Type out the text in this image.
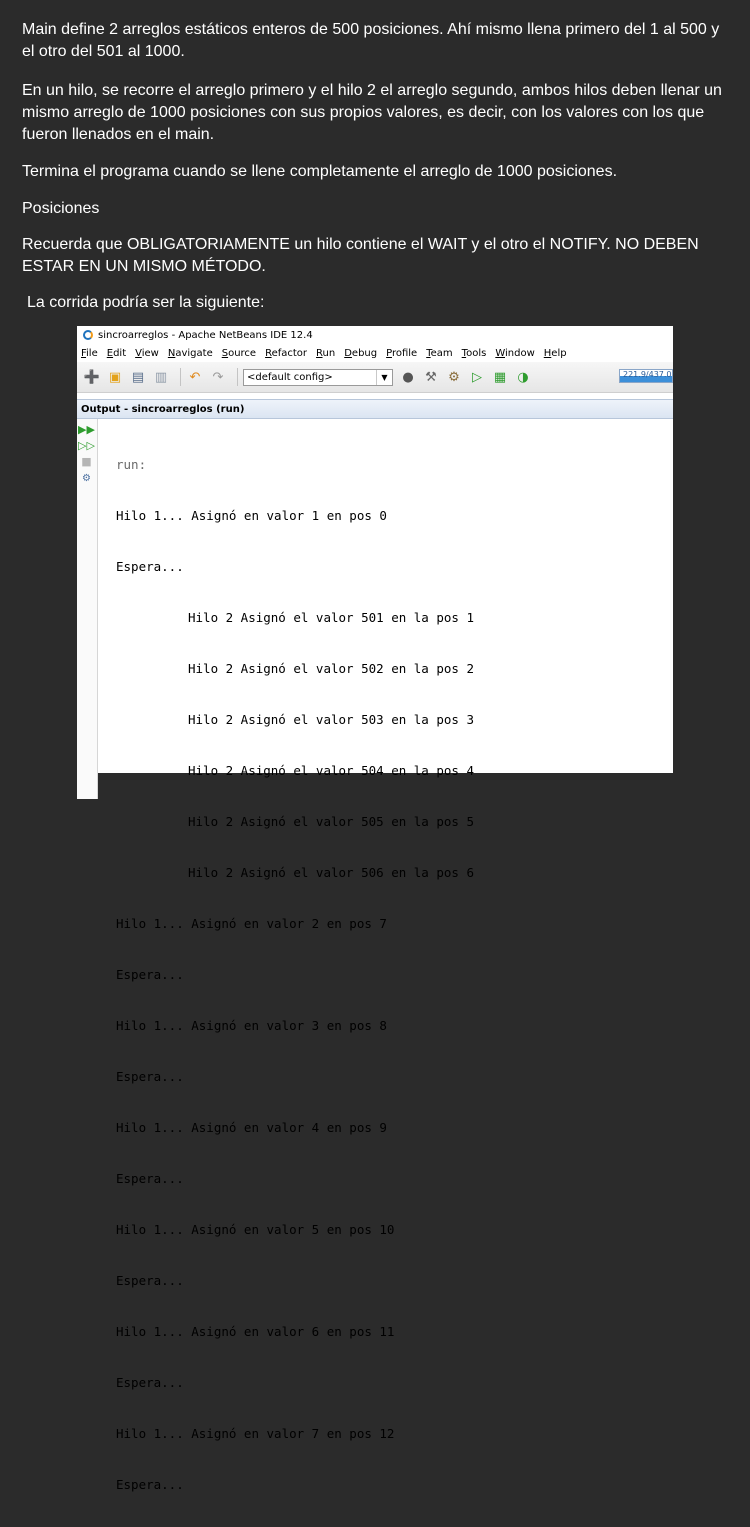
Main define 2 arreglos estáticos enteros de 500 posiciones. Ahí mismo llena primero del 1 al 500 y el otro del 501 al 1000.

En un hilo, se recorre el arreglo primero y el hilo 2 el arreglo segundo, ambos hilos deben llenar un mismo arreglo de 1000 posiciones con sus propios valores, es decir, con los valores con los que fueron llenados en el main.

Termina el programa cuando se llene completamente el arreglo de 1000 posiciones.

Posiciones

Recuerda que OBLIGATORIAMENTE un hilo contiene el WAIT y el otro el NOTIFY. NO DEBEN ESTAR EN UN MISMO MÉTODO.

La corrida podría ser la siguiente:

sincroarreglos - Apache NetBeans IDE 12.4
File Edit View Navigate Source Refactor Run Debug Profile Team Tools Window Help
➕ ▣ ▤ ▥ ↶ ↷	<default config>	▼	● ⚒ ⚙ ▷ ▦ ◑	221.9/437.0
Output - sincroarreglos (run)
▶▶
▷▷
■
⚙

run:

Hilo 1... Asignó en valor 1 en pos 0

Espera...

Hilo 2 Asignó el valor 501 en la pos 1

Hilo 2 Asignó el valor 502 en la pos 2

Hilo 2 Asignó el valor 503 en la pos 3

Hilo 2 Asignó el valor 504 en la pos 4

Hilo 2 Asignó el valor 505 en la pos 5

Hilo 2 Asignó el valor 506 en la pos 6

Hilo 1... Asignó en valor 2 en pos 7

Espera...

Hilo 1... Asignó en valor 3 en pos 8

Espera...

Hilo 1... Asignó en valor 4 en pos 9

Espera...

Hilo 1... Asignó en valor 5 en pos 10

Espera...

Hilo 1... Asignó en valor 6 en pos 11

Espera...

Hilo 1... Asignó en valor 7 en pos 12

Espera...
